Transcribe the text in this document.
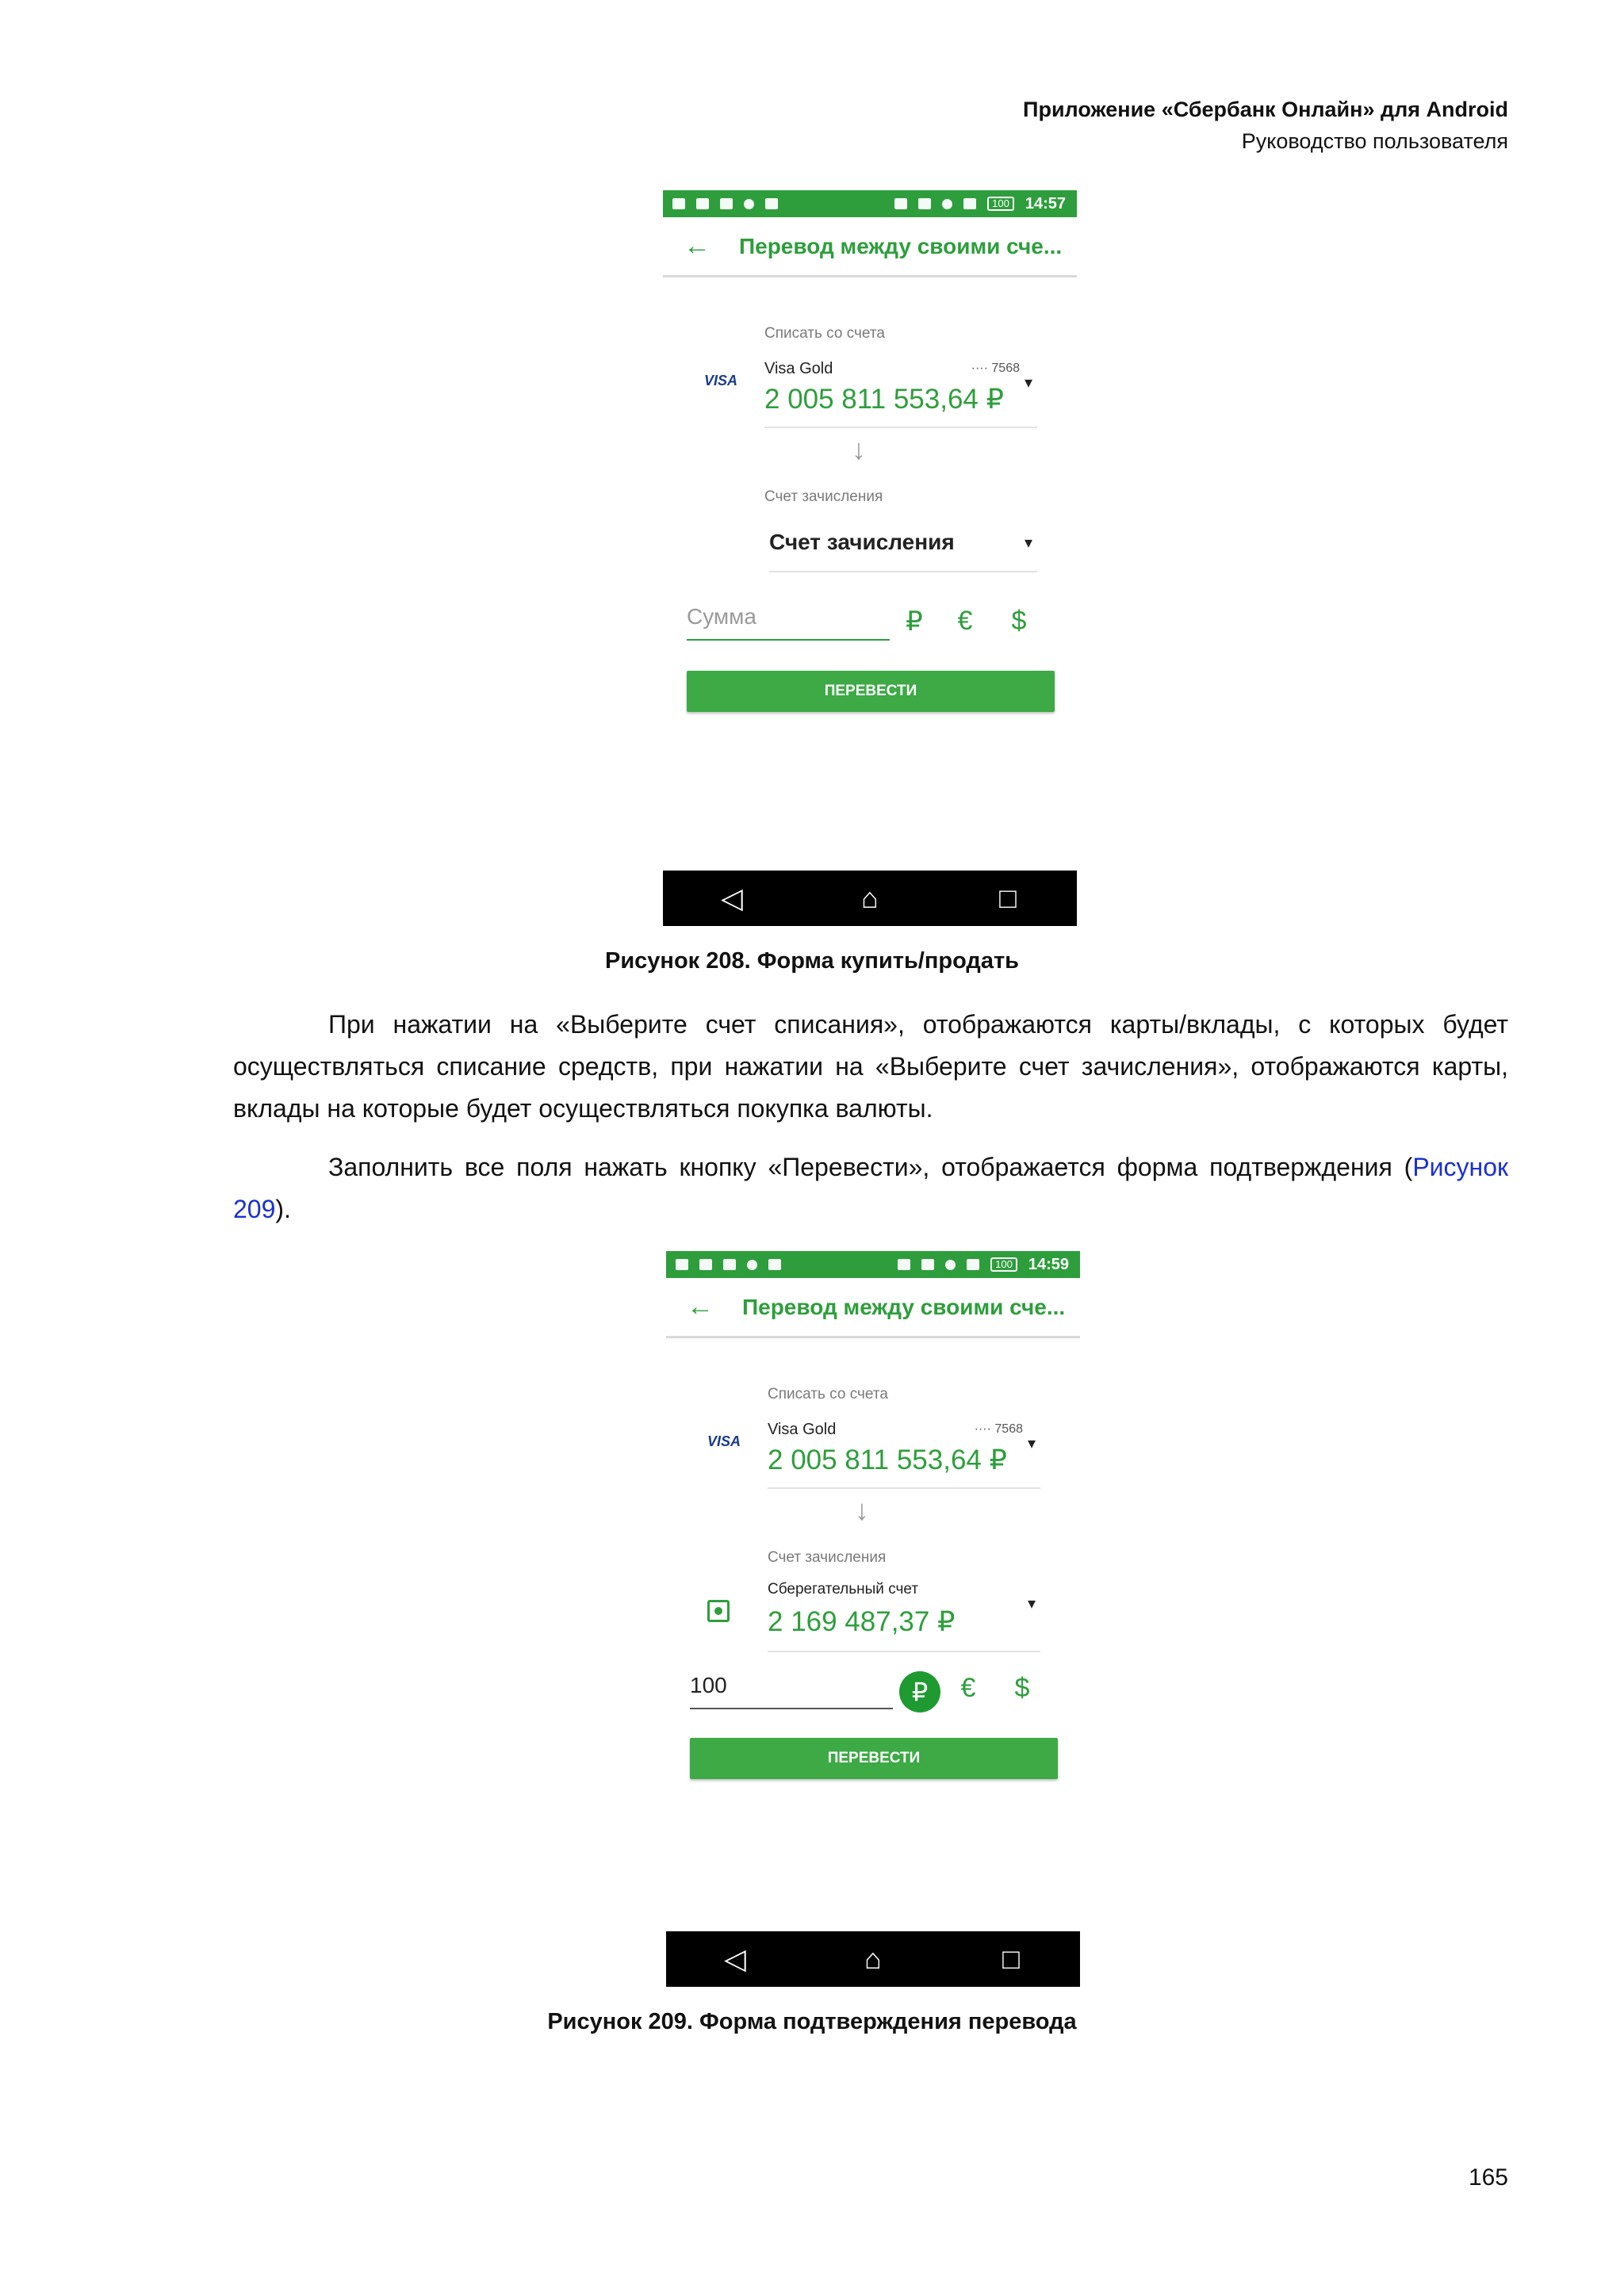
Приложение «Сбербанк Онлайн» для Android
Руководство пользователя
100	14:57
←	Перевод между своими сче...
Списать со счета
VISA
Visa Gold	···· 7568
2 005 811 553,64 ₽
▾
↓
Счет зачисления
Счет зачисления	▾
Сумма	₽	€	$
ПЕРЕВЕСТИ
◁	⌂	□
Рисунок 208. Форма купить/продать
При нажатии на «Выберите счет списания», отображаются карты/вклады, с которых будет осуществляться списание средств, при нажатии на «Выберите счет зачисления», отображаются карты, вклады на которые будет осуществляться покупка валюты.
Заполнить все поля нажать кнопку «Перевести», отображается форма подтверждения (Рисунок 209).
100	14:59
←	Перевод между своими сче...
Списать со счета
VISA
Visa Gold	···· 7568
2 005 811 553,64 ₽
▾
↓
Счет зачисления
Сберегательный счет
2 169 487,37 ₽
▾
100	₽	€	$
ПЕРЕВЕСТИ
◁	⌂	□
Рисунок 209. Форма подтверждения перевода
165
